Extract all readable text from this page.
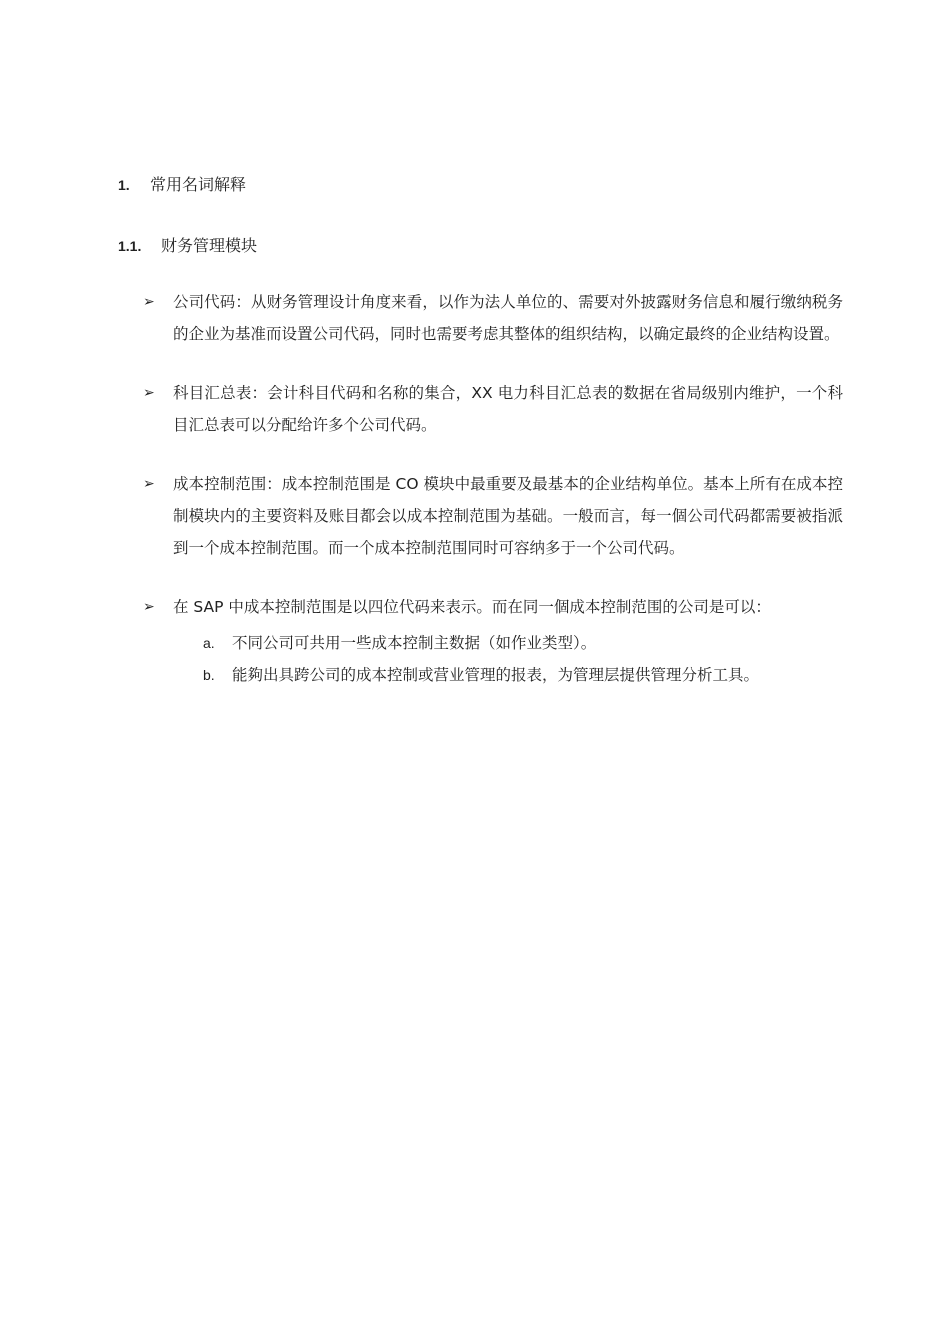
1.	常用名词解释
1.1.	财务管理模块
➢ 公司代码：从财务管理设计角度来看，以作为法人单位的、需要对外披露财务信息和履行缴纳税务的企业为基准而设置公司代码，同时也需要考虑其整体的组织结构，以确定最终的企业结构设置。
➢ 科目汇总表：会计科目代码和名称的集合，XX 电力科目汇总表的数据在省局级别内维护，一个科目汇总表可以分配给许多个公司代码。
➢ 成本控制范围：成本控制范围是 CO 模块中最重要及最基本的企业结构单位。基本上所有在成本控制模块内的主要资料及账目都会以成本控制范围为基础。一般而言，每一個公司代码都需要被指派到一个成本控制范围。而一个成本控制范围同时可容纳多于一个公司代码。
➢ 在 SAP 中成本控制范围是以四位代码来表示。而在同一個成本控制范围的公司是可以：
a. 不同公司可共用一些成本控制主数据（如作业类型）。
b. 能夠出具跨公司的成本控制或营业管理的报表，为管理层提供管理分析工具。
